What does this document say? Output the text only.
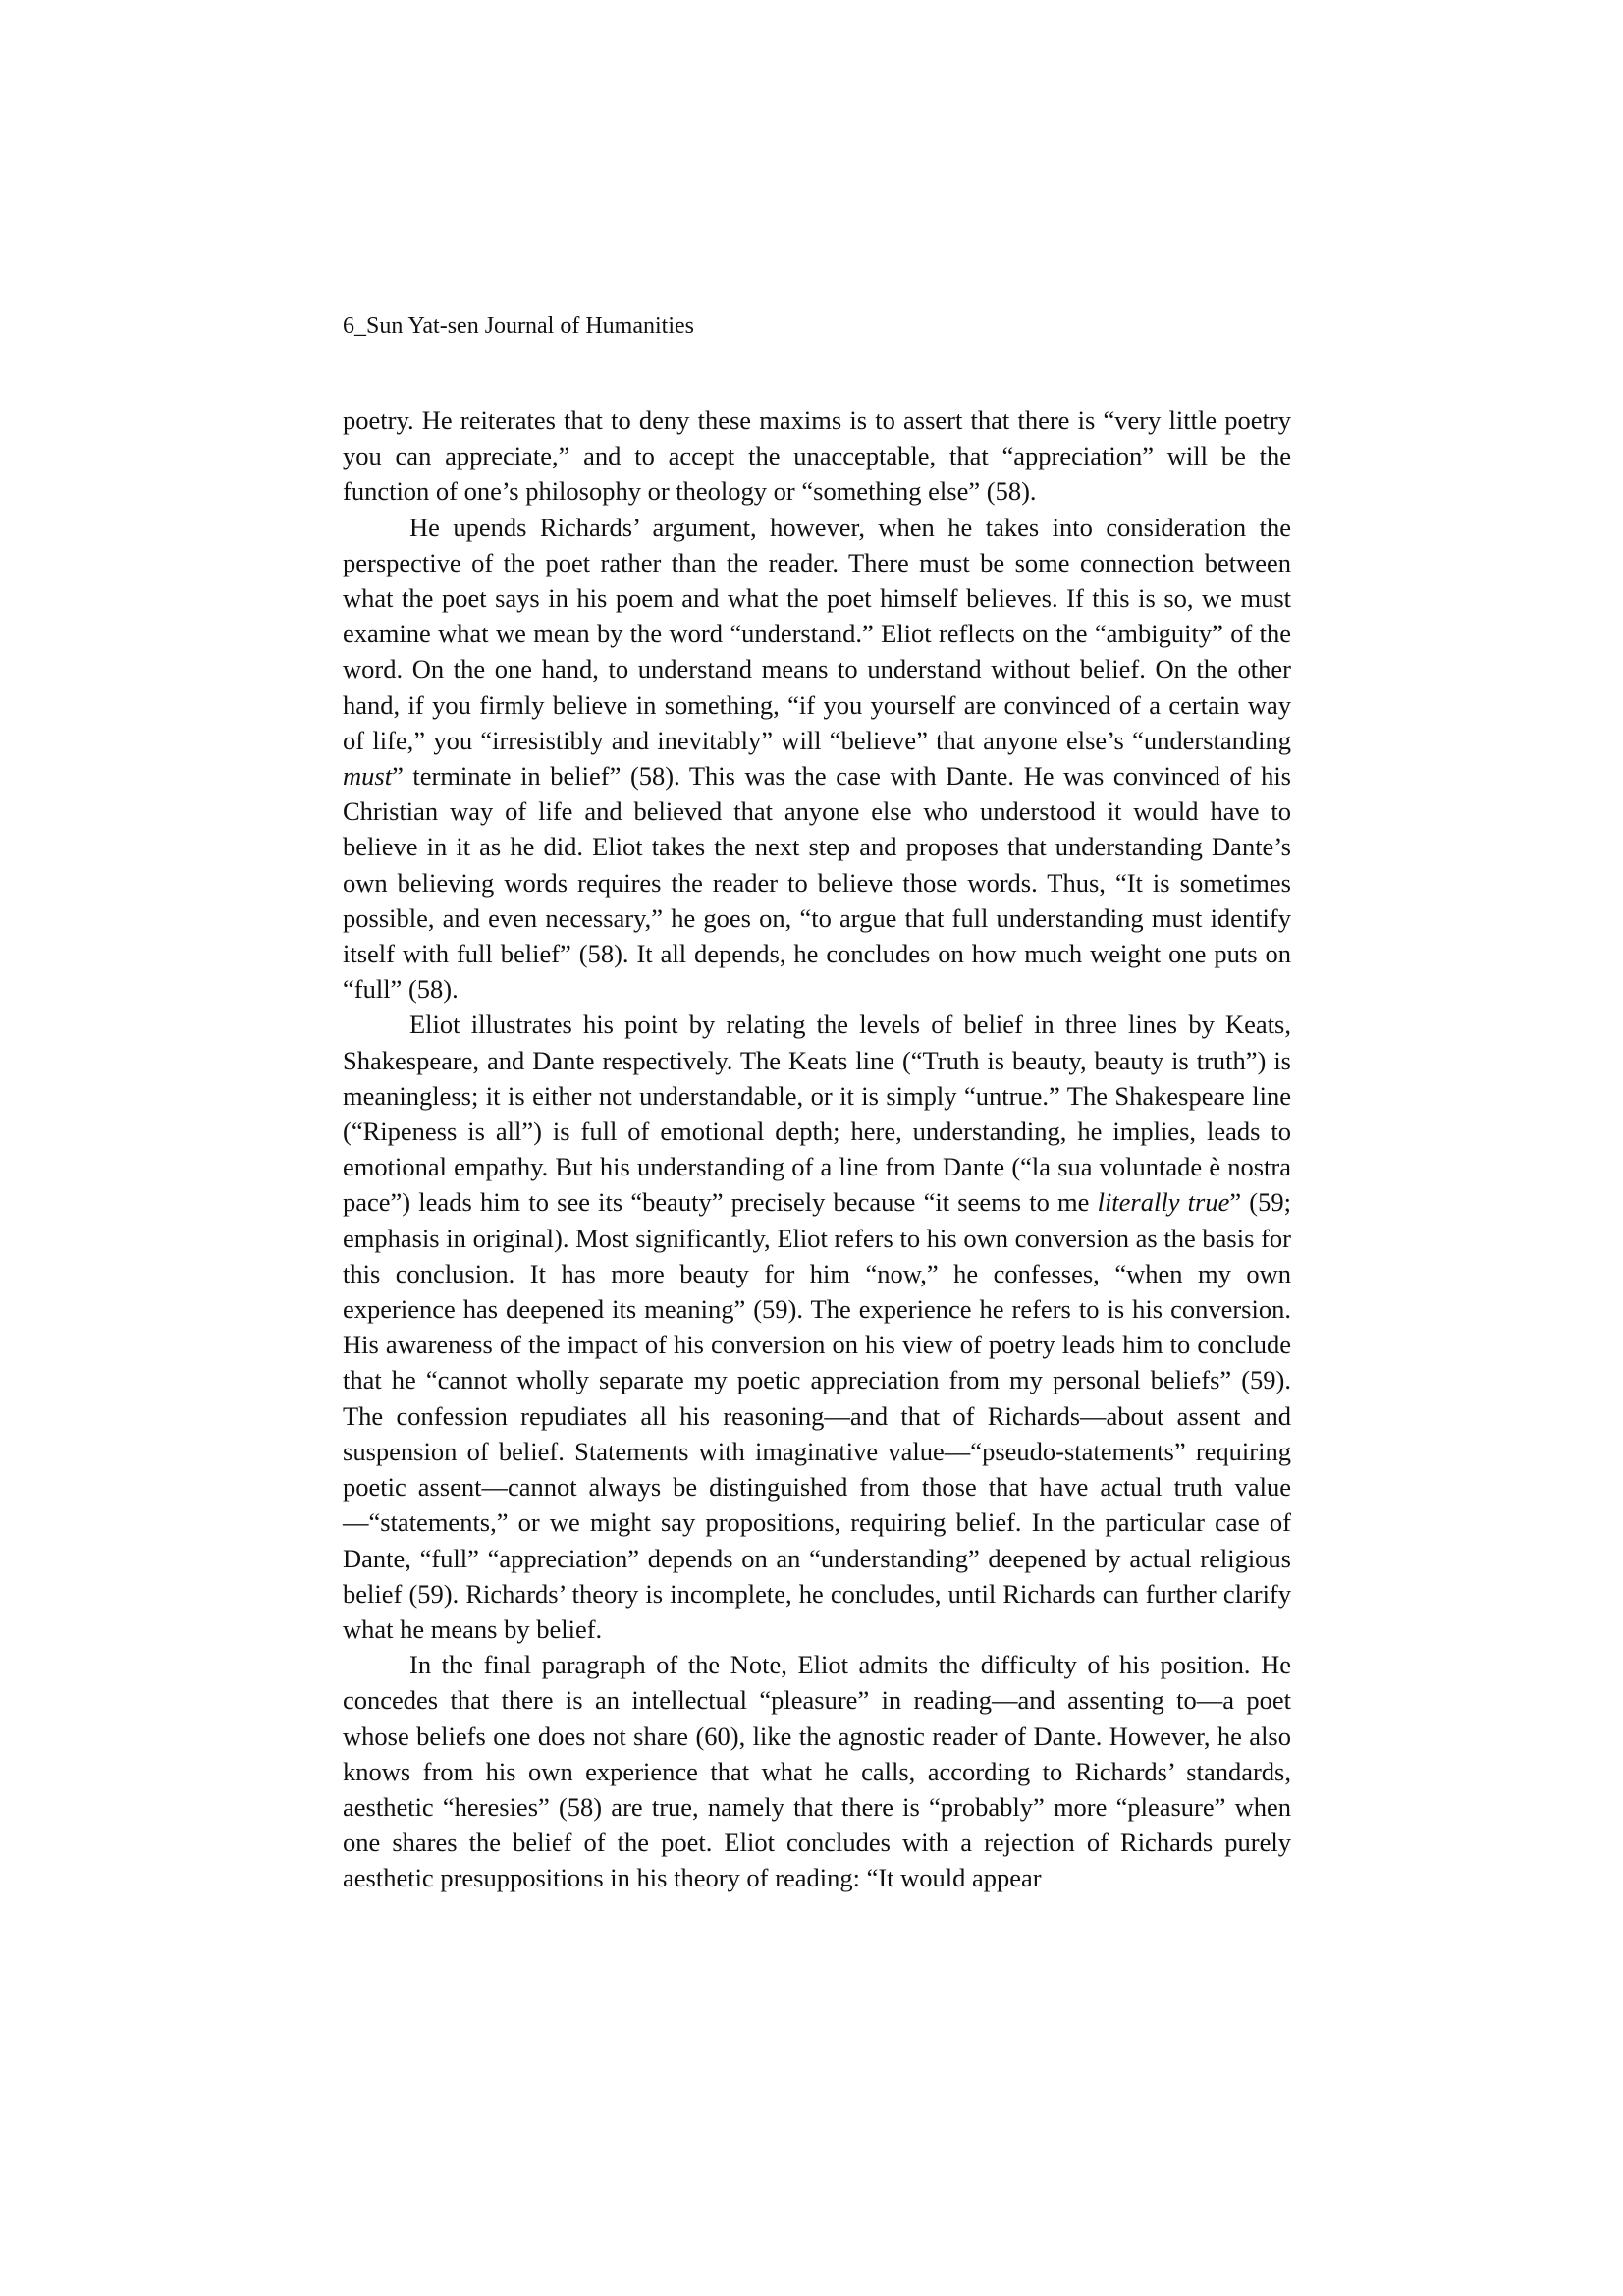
6_Sun Yat-sen Journal of Humanities

poetry. He reiterates that to deny these maxims is to assert that there is “very little poetry you can appreciate,” and to accept the unacceptable, that “appreciation” will be the function of one’s philosophy or theology or “something else” (58).

He upends Richards’ argument, however, when he takes into consideration the perspective of the poet rather than the reader. There must be some connection between what the poet says in his poem and what the poet himself believes. If this is so, we must examine what we mean by the word “understand.” Eliot reflects on the “ambiguity” of the word. On the one hand, to understand means to understand without belief. On the other hand, if you firmly believe in something, “if you yourself are convinced of a certain way of life,” you “irresistibly and inevitably” will “believe” that anyone else’s “understanding must” terminate in belief” (58). This was the case with Dante. He was convinced of his Christian way of life and believed that anyone else who understood it would have to believe in it as he did. Eliot takes the next step and proposes that understanding Dante’s own believing words requires the reader to believe those words. Thus, “It is sometimes possible, and even necessary,” he goes on, “to argue that full understanding must identify itself with full belief” (58). It all depends, he concludes on how much weight one puts on “full” (58).

Eliot illustrates his point by relating the levels of belief in three lines by Keats, Shakespeare, and Dante respectively. The Keats line (“Truth is beauty, beauty is truth”) is meaningless; it is either not understandable, or it is simply “untrue.” The Shakespeare line (“Ripeness is all”) is full of emotional depth; here, understanding, he implies, leads to emotional empathy. But his understanding of a line from Dante (“la sua voluntade è nostra pace”) leads him to see its “beauty” precisely because “it seems to me literally true” (59; emphasis in original). Most significantly, Eliot refers to his own conversion as the basis for this conclusion. It has more beauty for him “now,” he confesses, “when my own experience has deepened its meaning” (59). The experience he refers to is his conversion. His awareness of the impact of his conversion on his view of poetry leads him to conclude that he “cannot wholly separate my poetic appreciation from my personal beliefs” (59). The confession repudiates all his reasoning—and that of Richards—about assent and suspension of belief. Statements with imaginative value—“pseudo-statements” requiring poetic assent—cannot always be distinguished from those that have actual truth value—“statements,” or we might say propositions, requiring belief. In the particular case of Dante, “full” “appreciation” depends on an “understanding” deepened by actual religious belief (59). Richards’ theory is incomplete, he concludes, until Richards can further clarify what he means by belief.

In the final paragraph of the Note, Eliot admits the difficulty of his position. He concedes that there is an intellectual “pleasure” in reading—and assenting to—a poet whose beliefs one does not share (60), like the agnostic reader of Dante. However, he also knows from his own experience that what he calls, according to Richards’ standards, aesthetic “heresies” (58) are true, namely that there is “probably” more “pleasure” when one shares the belief of the poet. Eliot concludes with a rejection of Richards purely aesthetic presuppositions in his theory of reading: “It would appear
